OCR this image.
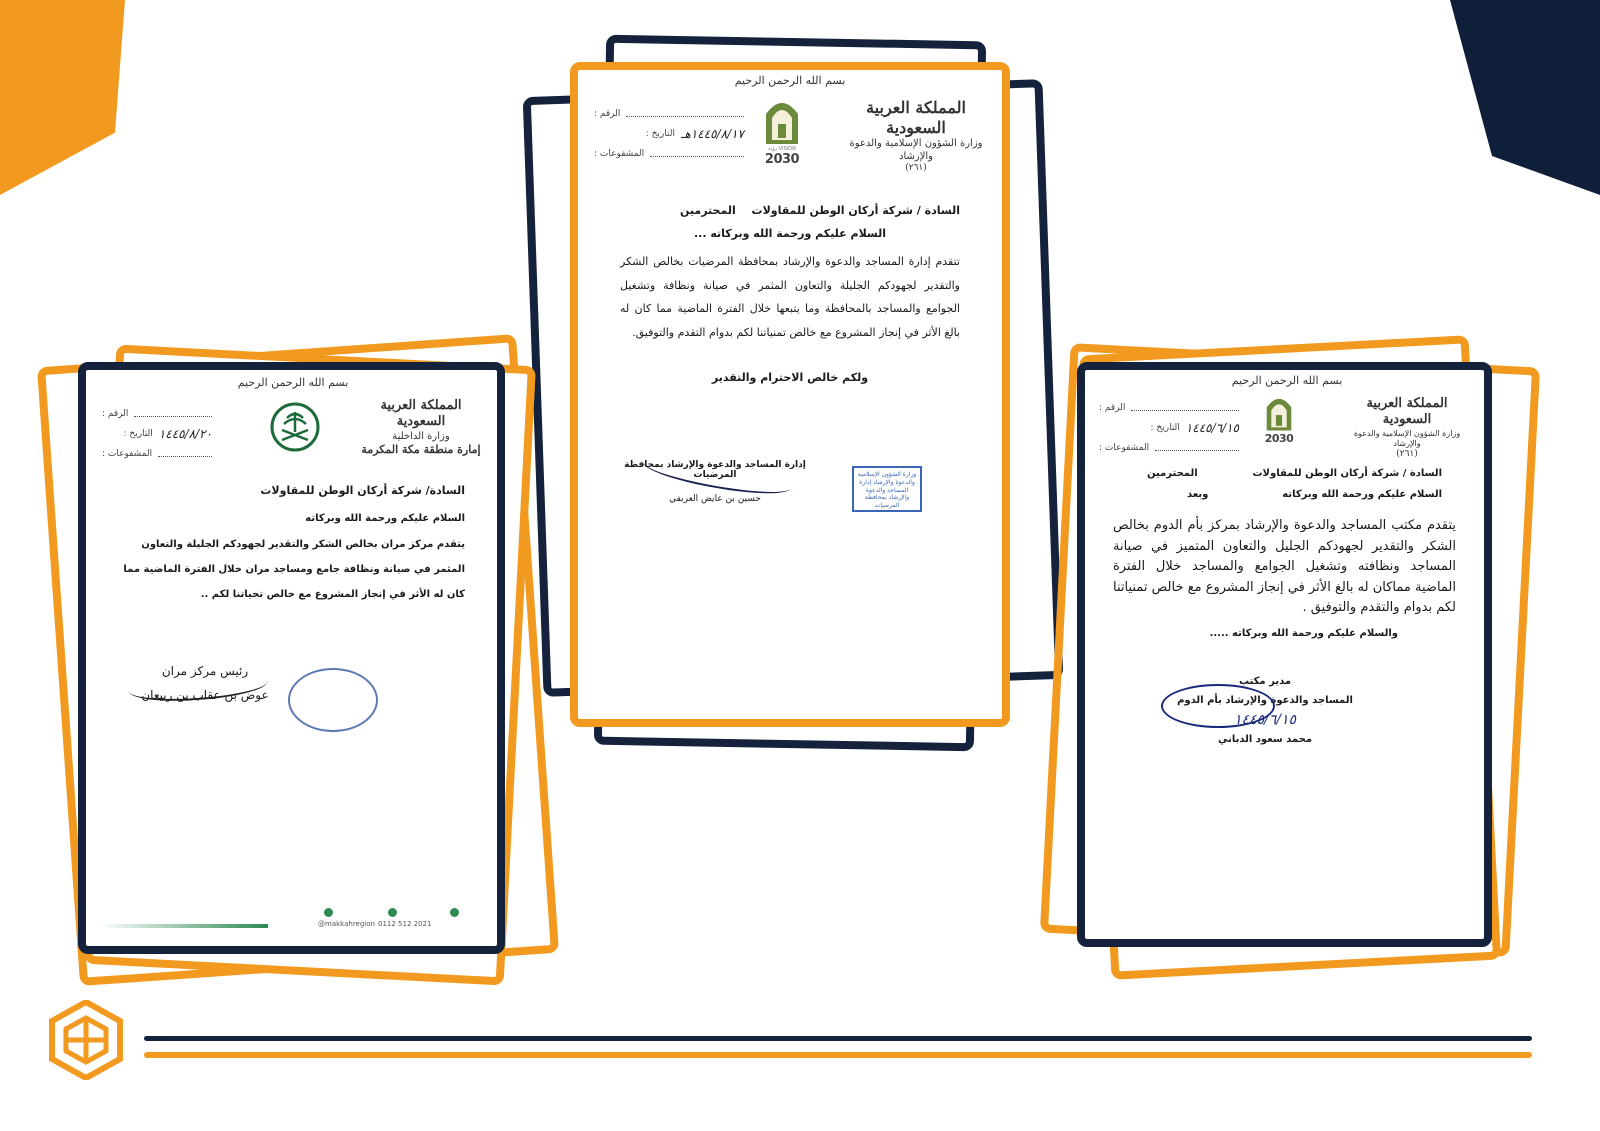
بسم الله الرحمن الرحيم
المملكة العربية السعودية
وزارة الشؤون الإسلامية والدعوة والإرشاد
(٢٦١)
VISION رؤية
2030
الرقم :
التاريخ : ١٤٤٥/٨/١٧هـ
المشفوعات :
السادة / شركة أركان الوطن للمقاولات
المحترمين
السلام عليكم ورحمة الله وبركاته ...

تتقدم إدارة المساجد والدعوة والإرشاد بمحافظة المرضيات بخالص الشكر والتقدير لجهودكم الجليلة والتعاون المثمر في صيانة ونظافة وتشغيل الجوامع والمساجد بالمحافظة وما يتبعها خلال الفترة الماضية مما كان له بالغ الأثر في إنجاز المشروع مع خالص تمنياتنا لكم بدوام التقدم والتوفيق.

ولكم خالص الاحترام والتقدير
إدارة المساجد والدعوة والإرشاد بمحافظة المرضيات
حسين بن عايض العريفي
وزارة الشؤون الإسلامية والدعوة والإرشاد إدارة المساجد والدعوة والإرشاد بمحافظة المرضيات
بسم الله الرحمن الرحيم
المملكة العربية السعودية
وزارة الداخلية
إمارة منطقة مكة المكرمة
الرقم :
التاريخ : ١٤٤٥/٨/٢٠
المشفوعات :
السادة/ شركة أركان الوطن للمقاولات
السلام عليكم ورحمة الله وبركاته

يتقدم مركز مران بخالص الشكر والتقدير لجهودكم الجليلة والتعاون المثمر في صيانة ونظافة جامع ومساجد مران خلال الفترة الماضية مما كان له الأثر في إنجاز المشروع مع خالص تحياتنا لكم ..

رئيس مركز مران
عوض بن عقاب بن ربيعان
@makkahregion 0112 512 2021
بسم الله الرحمن الرحيم
المملكة العربية السعودية
وزارة الشؤون الإسلامية والدعوة والإرشاد
(٢٦١)
2030
الرقم :
التاريخ : ١٤٤٥/٦/١٥
المشفوعات :
السادة / شركة أركان الوطن للمقاولات
المحترمين
السلام عليكم ورحمة الله وبركاته
وبعد

يتقدم مكتب المساجد والدعوة والإرشاد بمركز بأم الدوم بخالص الشكر والتقدير لجهودكم الجليل والتعاون المتميز في صيانة المساجد ونظافته وتشغيل الجوامع والمساجد خلال الفترة الماضية مماكان له بالغ الأثر في إنجاز المشروع مع خالص تمنياتنا لكم بدوام والتقدم والتوفيق .

والسلام عليكم ورحمة الله وبركاته .....
مدير مكتب
المساجد والدعوة والإرشاد بأم الدوم
١٤٤٥/٦/١٥
محمد سعود الدباني
